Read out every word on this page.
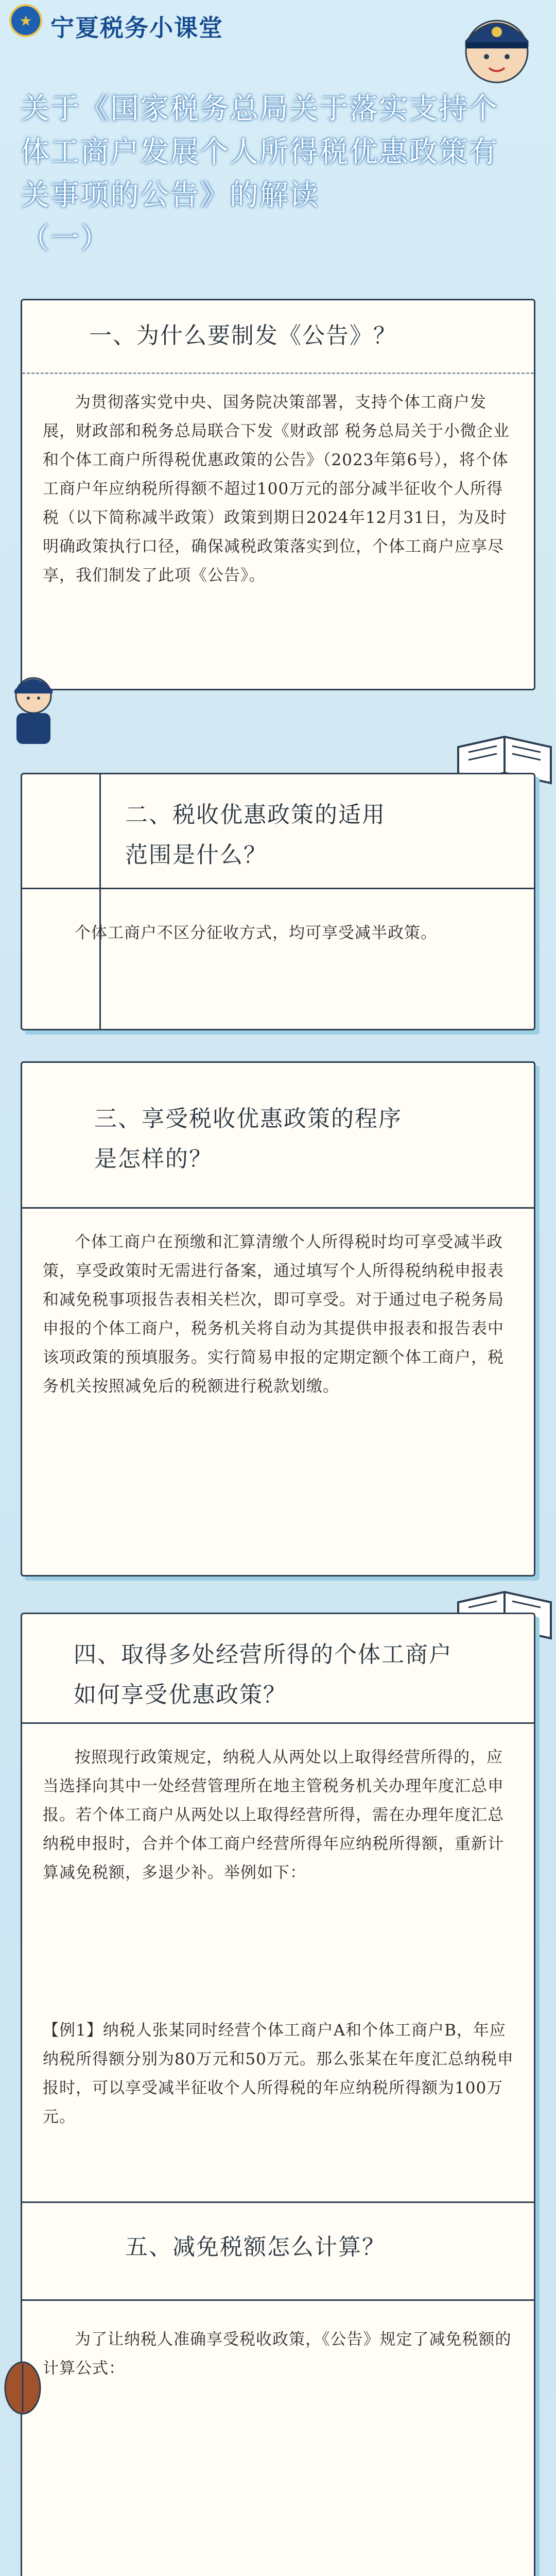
★ 宁夏税务小课堂
关于《国家税务总局关于落实支持个体工商户发展个人所得税优惠政策有关事项的公告》的解读
（一）
一、为什么要制发《公告》？
为贯彻落实党中央、国务院决策部署，支持个体工商户发展，财政部和税务总局联合下发《财政部 税务总局关于小微企业和个体工商户所得税优惠政策的公告》（2023年第6号），将个体工商户年应纳税所得额不超过100万元的部分减半征收个人所得税（以下简称减半政策）政策到期日2024年12月31日，为及时明确政策执行口径，确保减税政策落实到位，个体工商户应享尽享，我们制发了此项《公告》。
二、税收优惠政策的适用范围是什么？
个体工商户不区分征收方式，均可享受减半政策。
三、享受税收优惠政策的程序是怎样的？
个体工商户在预缴和汇算清缴个人所得税时均可享受减半政策，享受政策时无需进行备案，通过填写个人所得税纳税申报表和减免税事项报告表相关栏次，即可享受。对于通过电子税务局申报的个体工商户，税务机关将自动为其提供申报表和报告表中该项政策的预填服务。实行简易申报的定期定额个体工商户，税务机关按照减免后的税额进行税款划缴。
四、取得多处经营所得的个体工商户如何享受优惠政策？
按照现行政策规定，纳税人从两处以上取得经营所得的，应当选择向其中一处经营管理所在地主管税务机关办理年度汇总申报。若个体工商户从两处以上取得经营所得，需在办理年度汇总纳税申报时，合并个体工商户经营所得年应纳税所得额，重新计算减免税额，多退少补。举例如下：
【例1】纳税人张某同时经营个体工商户A和个体工商户B，年应纳税所得额分别为80万元和50万元。那么张某在年度汇总纳税申报时，可以享受减半征收个人所得税的年应纳税所得额为100万元。
五、减免税额怎么计算？
为了让纳税人准确享受税收政策，《公告》规定了减免税额的计算公式：
